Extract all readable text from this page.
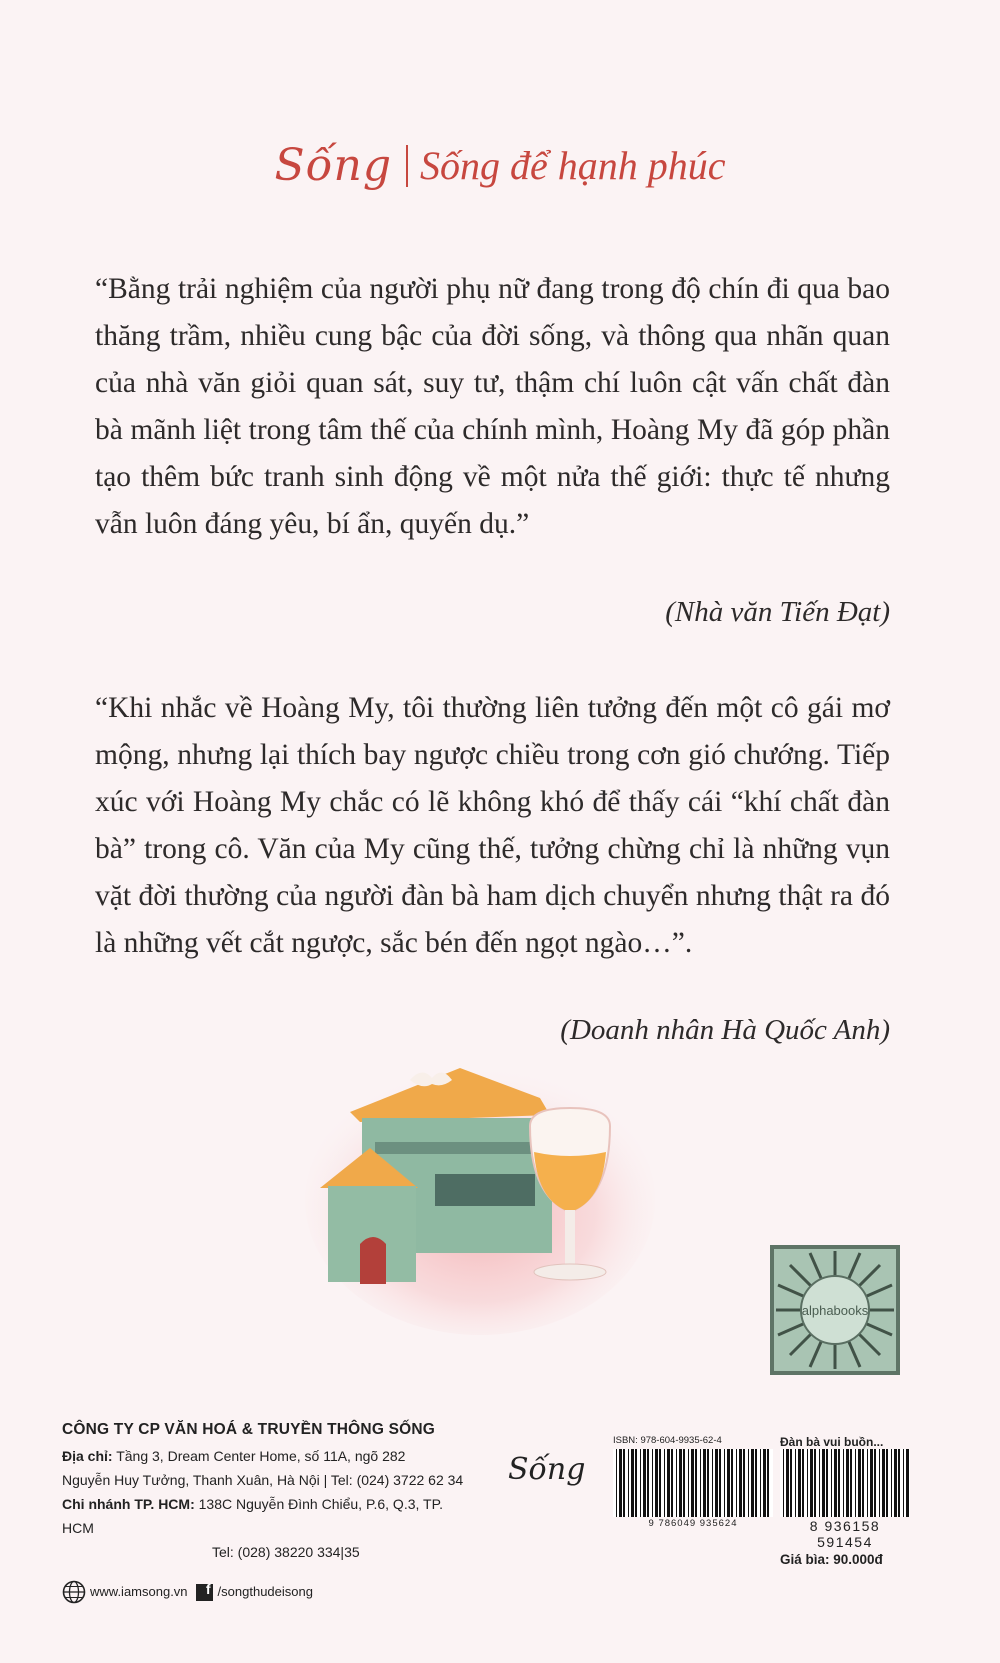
Sống Sống để hạnh phúc

“Bằng trải nghiệm của người phụ nữ đang trong độ chín đi qua bao thăng trầm, nhiều cung bậc của đời sống, và thông qua nhãn quan của nhà văn giỏi quan sát, suy tư, thậm chí luôn cật vấn chất đàn bà mãnh liệt trong tâm thế của chính mình, Hoàng My đã góp phần tạo thêm bức tranh sinh động về một nửa thế giới: thực tế nhưng vẫn luôn đáng yêu, bí ẩn, quyến dụ.”

(Nhà văn Tiến Đạt)

“Khi nhắc về Hoàng My, tôi thường liên tưởng đến một cô gái mơ mộng, nhưng lại thích bay ngược chiều trong cơn gió chướng. Tiếp xúc với Hoàng My chắc có lẽ không khó để thấy cái “khí chất đàn bà” trong cô. Văn của My cũng thế, tưởng chừng chỉ là những vụn vặt đời thường của người đàn bà ham dịch chuyển nhưng thật ra đó là những vết cắt ngược, sắc bén đến ngọt ngào…”.

(Doanh nhân Hà Quốc Anh)

alphabooks
CÔNG TY CP VĂN HOÁ & TRUYỀN THÔNG SỐNG
Địa chỉ: Tầng 3, Dream Center Home, số 11A, ngõ 282
Nguyễn Huy Tưởng, Thanh Xuân, Hà Nội | Tel: (024) 3722 62 34
Chi nhánh TP. HCM: 138C Nguyễn Đình Chiểu, P.6, Q.3, TP. HCM
Tel: (028) 38220 334|35
www.iamsong.vn	f /songthudeisong
Sống
ISBN: 978-604-9935-62-4
9 786049 935624
Đàn bà vui buồn...
8 936158 591454
Giá bìa: 90.000đ
